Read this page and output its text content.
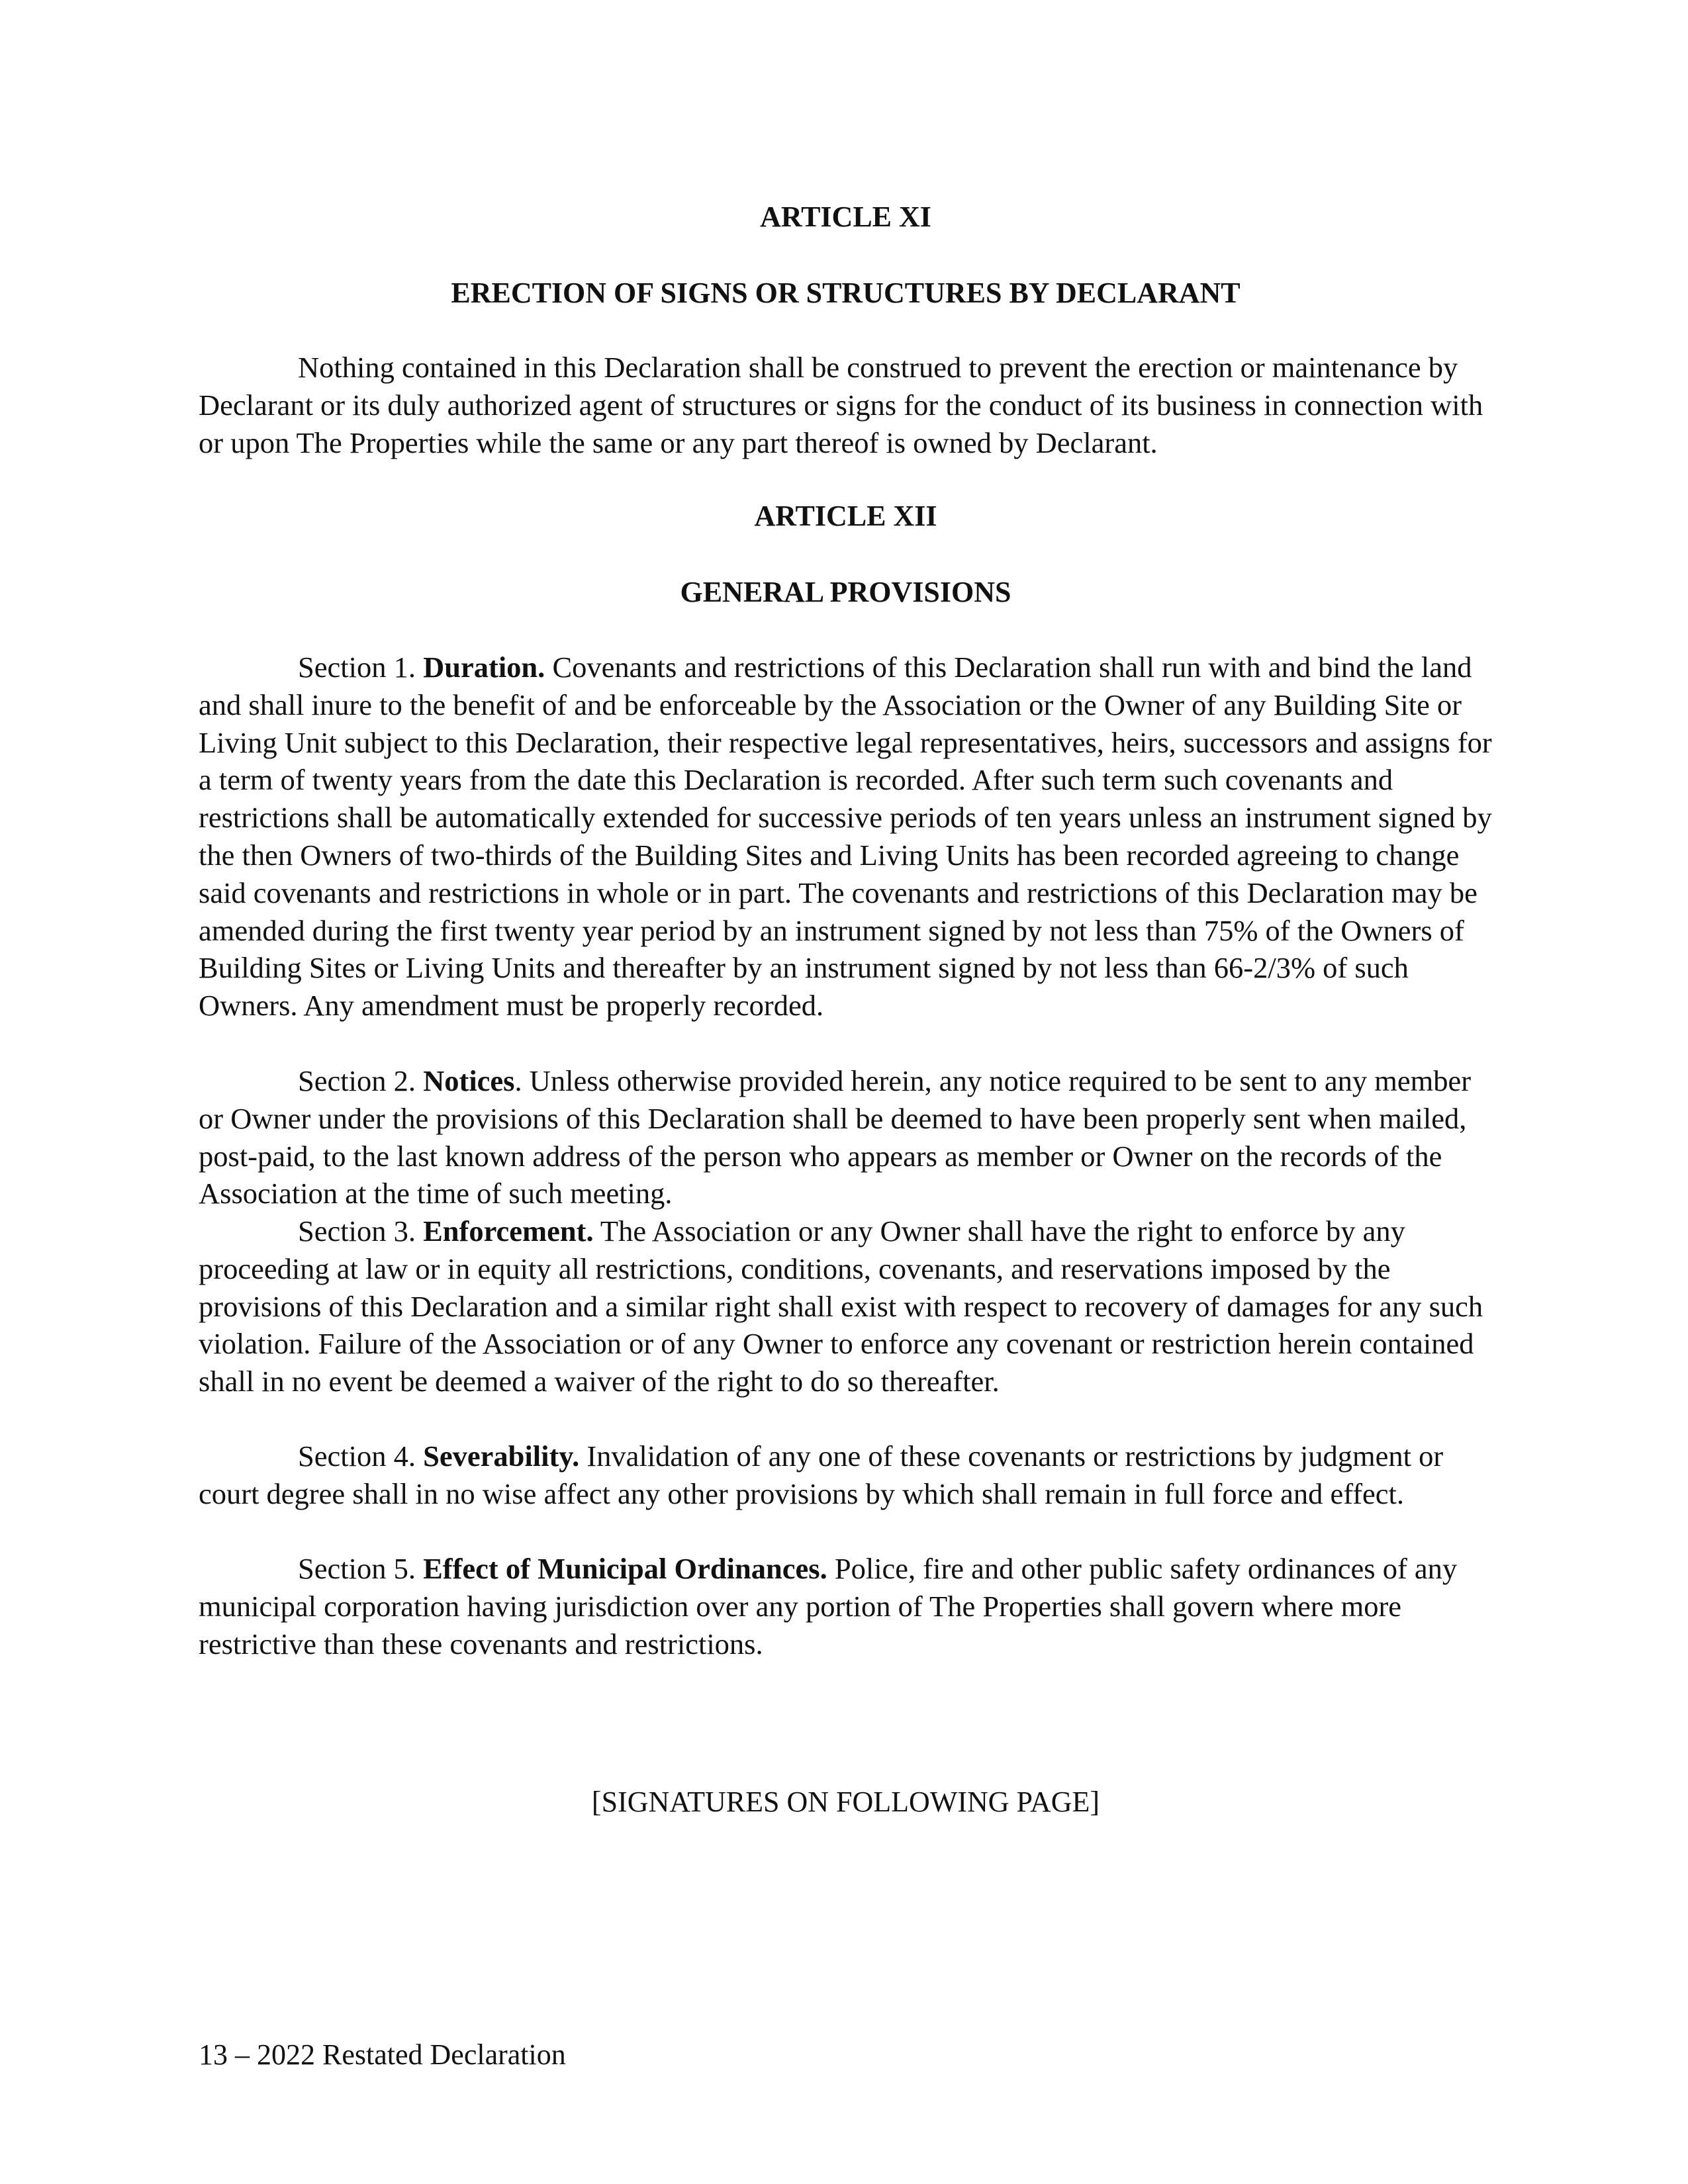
ARTICLE XI

ERECTION OF SIGNS OR STRUCTURES BY DECLARANT

Nothing contained in this Declaration shall be construed to prevent the erection or maintenance by Declarant or its duly authorized agent of structures or signs for the conduct of its business in connection with or upon The Properties while the same or any part thereof is owned by Declarant.

ARTICLE XII

GENERAL PROVISIONS

Section 1. Duration. Covenants and restrictions of this Declaration shall run with and bind the land and shall inure to the benefit of and be enforceable by the Association or the Owner of any Building Site or Living Unit subject to this Declaration, their respective legal representatives, heirs, successors and assigns for a term of twenty years from the date this Declaration is recorded. After such term such covenants and restrictions shall be automatically extended for successive periods of ten years unless an instrument signed by the then Owners of two-thirds of the Building Sites and Living Units has been recorded agreeing to change said covenants and restrictions in whole or in part. The covenants and restrictions of this Declaration may be amended during the first twenty year period by an instrument signed by not less than 75% of the Owners of Building Sites or Living Units and thereafter by an instrument signed by not less than 66-2/3% of such Owners. Any amendment must be properly recorded.

Section 2. Notices. Unless otherwise provided herein, any notice required to be sent to any member or Owner under the provisions of this Declaration shall be deemed to have been properly sent when mailed, post-paid, to the last known address of the person who appears as member or Owner on the records of the Association at the time of such meeting.

Section 3. Enforcement. The Association or any Owner shall have the right to enforce by any proceeding at law or in equity all restrictions, conditions, covenants, and reservations imposed by the provisions of this Declaration and a similar right shall exist with respect to recovery of damages for any such violation. Failure of the Association or of any Owner to enforce any covenant or restriction herein contained shall in no event be deemed a waiver of the right to do so thereafter.

Section 4. Severability. Invalidation of any one of these covenants or restrictions by judgment or court degree shall in no wise affect any other provisions by which shall remain in full force and effect.

Section 5. Effect of Municipal Ordinances. Police, fire and other public safety ordinances of any municipal corporation having jurisdiction over any portion of The Properties shall govern where more restrictive than these covenants and restrictions.

[SIGNATURES ON FOLLOWING PAGE]

13 – 2022 Restated Declaration
